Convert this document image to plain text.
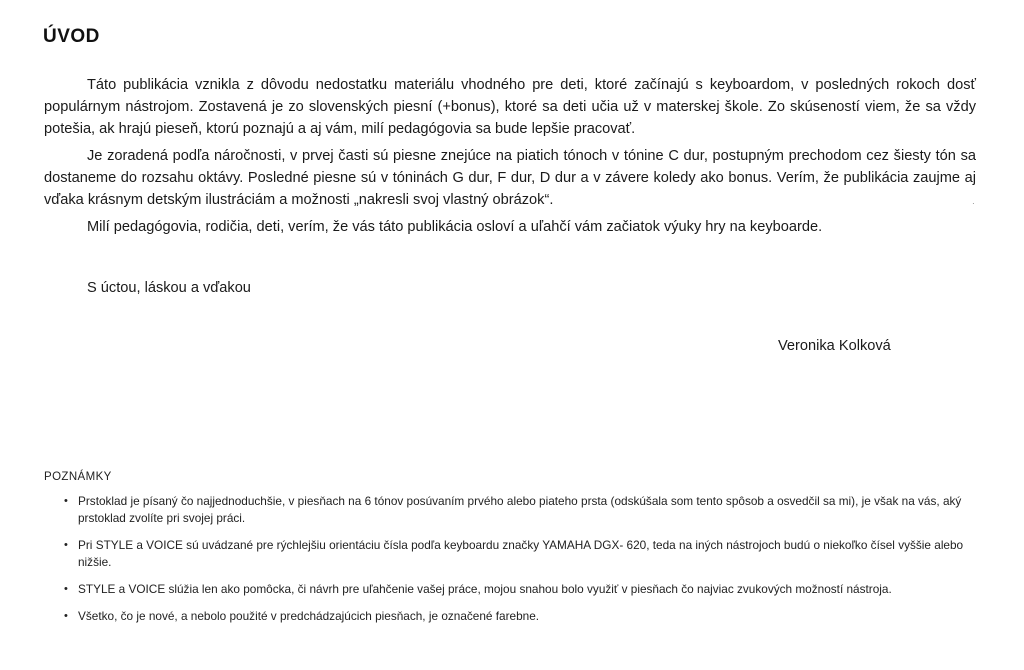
ÚVOD

Táto publikácia vznikla z dôvodu nedostatku materiálu vhodného pre deti, ktoré začínajú s keyboardom, v posledných rokoch dosť populárnym nástrojom. Zostavená je zo slovenských piesní (+bonus), ktoré sa deti učia už v materskej škole. Zo skúseností viem, že sa vždy potešia, ak hrajú pieseň, ktorú poznajú a aj vám, milí pedagógovia sa bude lepšie pracovať.

Je zoradená podľa náročnosti, v prvej časti sú piesne znejúce na piatich tónoch v tónine C dur, postupným prechodom cez šiesty tón sa dostaneme do rozsahu oktávy. Posledné piesne sú v tóninách G dur, F dur, D dur a v závere koledy ako bonus. Verím, že publikácia zaujme aj vďaka krásnym detským ilustráciám a možnosti „nakresli svoj vlastný obrázok“.

Milí pedagógovia, rodičia, deti, verím, že vás táto publikácia osloví a uľahčí vám začiatok výuky hry na keyboarde.

S úctou, láskou a vďakou
Veronika Kolková
·
POZNÁMKY
• Prstoklad je písaný čo najjednoduchšie, v piesňach na 6 tónov posúvaním prvého alebo piateho prsta (odskúšala som tento spôsob a osvedčil sa mi), je však na vás, aký prstoklad zvolíte pri svojej práci.
• Pri STYLE a VOICE sú uvádzané pre rýchlejšiu orientáciu čísla podľa keyboardu značky YAMAHA DGX- 620, teda na iných nástrojoch budú o niekoľko čísel vyššie alebo nižšie.
• STYLE a VOICE slúžia len ako pomôcka, či návrh pre uľahčenie vašej práce, mojou snahou bolo využiť v piesňach čo najviac zvukových možností nástroja.
• Všetko, čo je nové, a nebolo použité v predchádzajúcich piesňach, je označené farebne.
